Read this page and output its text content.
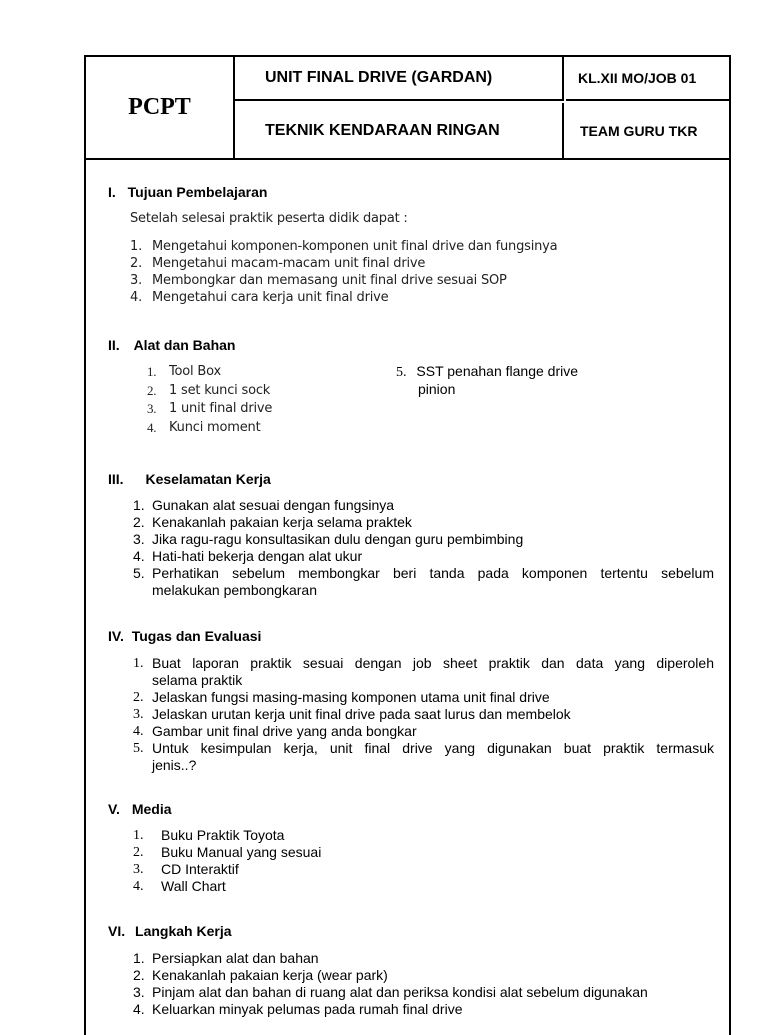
PCPT
UNIT FINAL DRIVE (GARDAN)
TEKNIK KENDARAAN RINGAN
KL.XII MO/JOB 01
TEAM GURU TKR
I. Tujuan Pembelajaran
Setelah selesai praktik peserta didik dapat :
1. Mengetahui komponen-komponen unit final drive dan fungsinya
2. Mengetahui macam-macam unit final drive
3. Membongkar dan memasang unit final drive sesuai SOP
4. Mengetahui cara kerja unit final drive
II. Alat dan Bahan
1. Tool Box
2. 1 set kunci sock
3. 1 unit final drive
4. Kunci moment
5. SST penahan flange drive
pinion
III. Keselamatan Kerja
1. Gunakan alat sesuai dengan fungsinya
2. Kenakanlah pakaian kerja selama praktek
3. Jika ragu-ragu konsultasikan dulu dengan guru pembimbing
4. Hati-hati bekerja dengan alat ukur
5. Perhatikan sebelum membongkar beri tanda pada komponen tertentu sebelum
melakukan pembongkaran
IV. Tugas dan Evaluasi
1. Buat laporan praktik sesuai dengan job sheet praktik dan data yang diperoleh
selama praktik
2. Jelaskan fungsi masing-masing komponen utama unit final drive
3. Jelaskan urutan kerja unit final drive pada saat lurus dan membelok
4. Gambar unit final drive yang anda bongkar
5. Untuk kesimpulan kerja, unit final drive yang digunakan buat praktik termasuk
jenis..?
V. Media
1. Buku Praktik Toyota
2. Buku Manual yang sesuai
3. CD Interaktif
4. Wall Chart
VI. Langkah Kerja
1. Persiapkan alat dan bahan
2. Kenakanlah pakaian kerja (wear park)
3. Pinjam alat dan bahan di ruang alat dan periksa kondisi alat sebelum digunakan
4. Keluarkan minyak pelumas pada rumah final drive
